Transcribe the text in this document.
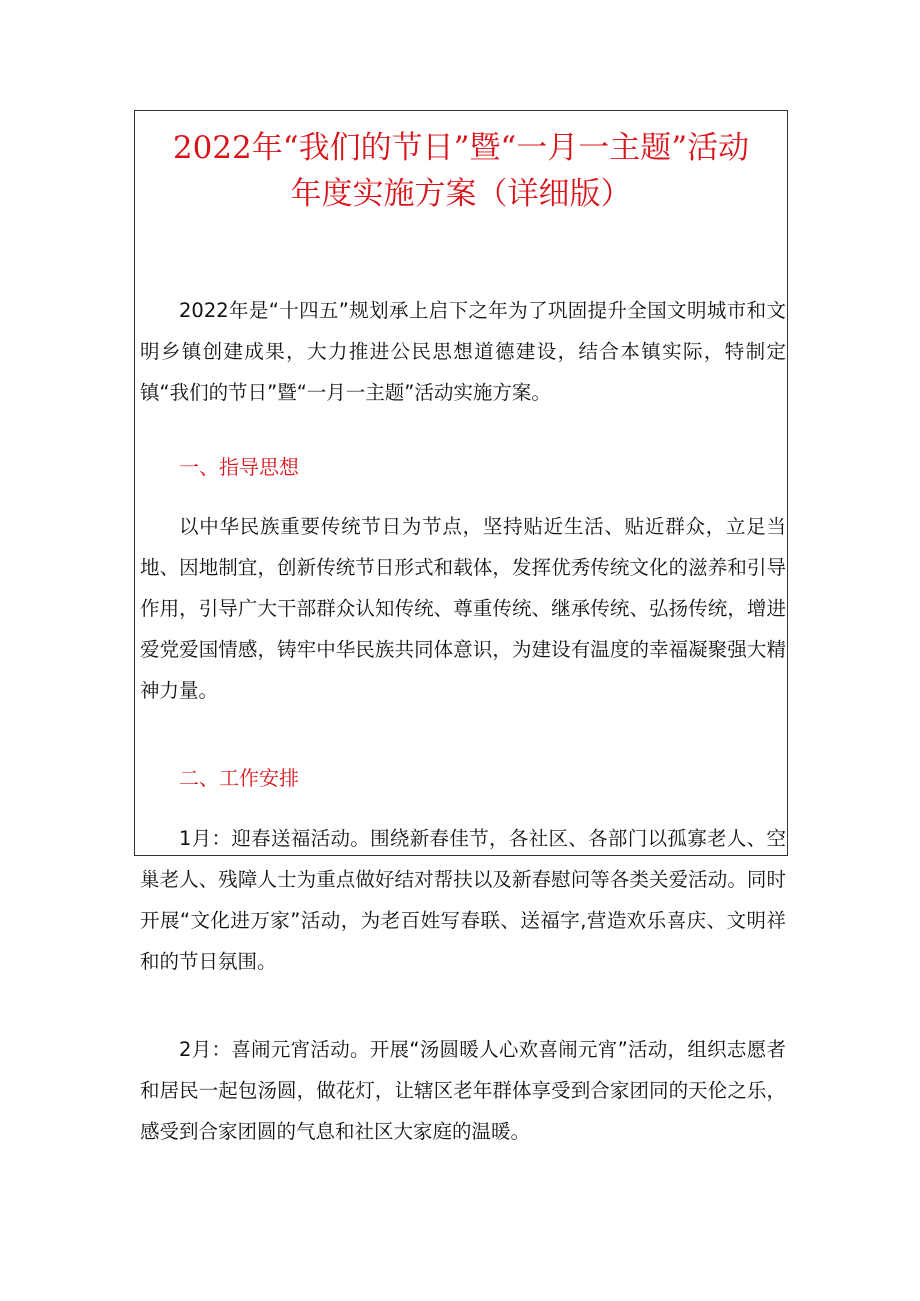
2022年“我们的节日”暨“一月一主题”活动
年度实施方案（详细版）

2022年是“十四五”规划承上启下之年为了巩固提升全国文明城市和文明乡镇创建成果，大力推进公民思想道德建设，结合本镇实际，特制定镇“我们的节日”暨“一月一主题”活动实施方案。

一、指导思想

以中华民族重要传统节日为节点，坚持贴近生活、贴近群众，立足当地、因地制宜，创新传统节日形式和载体，发挥优秀传统文化的滋养和引导作用，引导广大干部群众认知传统、尊重传统、继承传统、弘扬传统，增进爱党爱国情感，铸牢中华民族共同体意识，为建设有温度的幸福凝聚强大精神力量。

二、工作安排

1月：迎春送福活动。围绕新春佳节，各社区、各部门以孤寡老人、空巢老人、残障人士为重点做好结对帮扶以及新春慰问等各类关爱活动。同时开展“文化进万家”活动，为老百姓写春联、送福字,营造欢乐喜庆、文明祥和的节日氛围。

2月：喜闹元宵活动。开展“汤圆暖人心欢喜闹元宵”活动，组织志愿者和居民一起包汤圆，做花灯，让辖区老年群体享受到合家团同的天伦之乐，感受到合家团圆的气息和社区大家庭的温暖。
